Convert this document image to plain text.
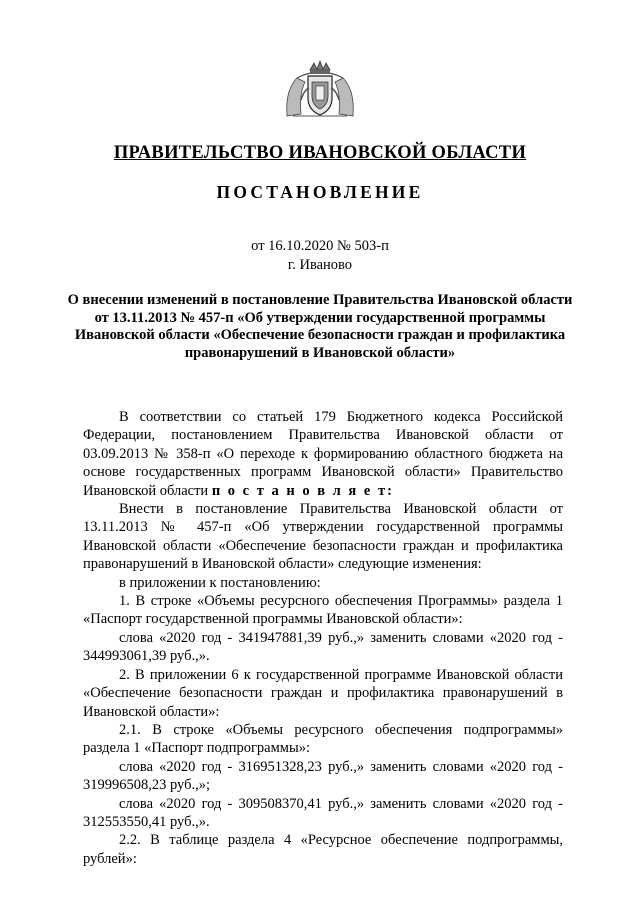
ПРАВИТЕЛЬСТВО ИВАНОВСКОЙ ОБЛАСТИ
ПОСТАНОВЛЕНИЕ
от 16.10.2020 № 503-п
г. Иваново
О внесении изменений в постановление Правительства Ивановской области от 13.11.2013 № 457-п «Об утверждении государственной программы Ивановской области «Обеспечение безопасности граждан и профилактика правонарушений в Ивановской области»

В соответствии со статьей 179 Бюджетного кодекса Российской Федерации, постановлением Правительства Ивановской области от 03.09.2013 № 358-п «О переходе к формированию областного бюджета на основе государственных программ Ивановской области» Правительство Ивановской области п о с т а н о в л я е т:

Внести в постановление Правительства Ивановской области от 13.11.2013 № 457-п «Об утверждении государственной программы Ивановской области «Обеспечение безопасности граждан и профилактика правонарушений в Ивановской области» следующие изменения:

в приложении к постановлению:

1. В строке «Объемы ресурсного обеспечения Программы» раздела 1 «Паспорт государственной программы Ивановской области»:

слова «2020 год - 341947881,39 руб.,» заменить словами «2020 год - 344993061,39 руб.,».

2. В приложении 6 к государственной программе Ивановской области «Обеспечение безопасности граждан и профилактика правонарушений в Ивановской области»:

2.1. В строке «Объемы ресурсного обеспечения подпрограммы» раздела 1 «Паспорт подпрограммы»:

слова «2020 год - 316951328,23 руб.,» заменить словами «2020 год - 319996508,23 руб.,»;

слова «2020 год - 309508370,41 руб.,» заменить словами «2020 год - 312553550,41 руб.,».

2.2. В таблице раздела 4 «Ресурсное обеспечение подпрограммы, рублей»:
